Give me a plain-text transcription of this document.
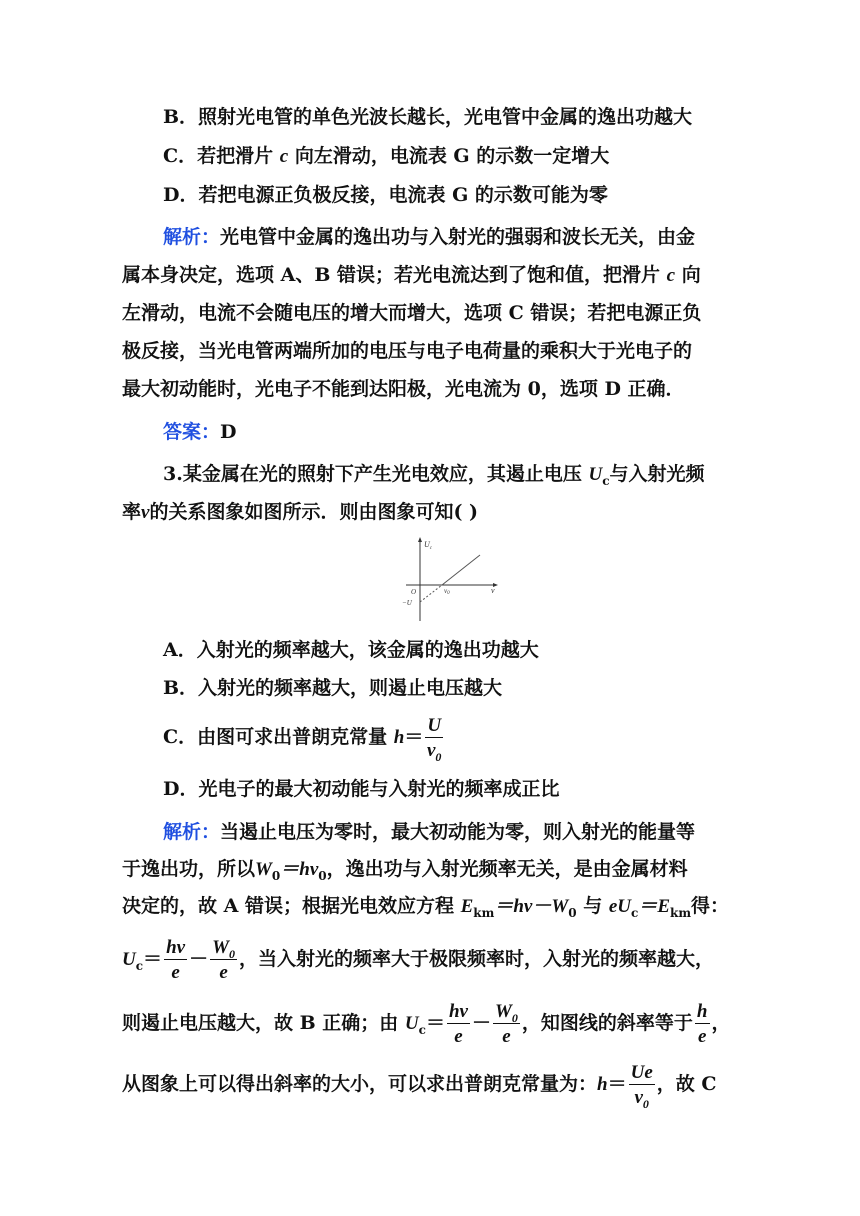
B．照射光电管的单色光波长越长，光电管中金属的逸出功越大
C．若把滑片 c 向左滑动，电流表 G 的示数一定增大
D．若把电源正负极反接，电流表 G 的示数可能为零
解析：光电管中金属的逸出功与入射光的强弱和波长无关，由金
属本身决定，选项 A、B 错误；若光电流达到了饱和值，把滑片 c 向
左滑动，电流不会随电压的增大而增大，选项 C 错误；若把电源正负
极反接，当光电管两端所加的电压与电子电荷量的乘积大于光电子的
最大初动能时，光电子不能到达阳极，光电流为 0，选项 D 正确．
答案：D
3.某金属在光的照射下产生光电效应，其遏止电压 $U_c$与入射光频
率ν的关系图象如图所示．则由图象可知( )
$U_c$
ν
O	ν0
−U
A．入射光的频率越大，该金属的逸出功越大
B．入射光的频率越大，则遏止电压越大
C．由图可求出普朗克常量 $h= \frac{U}{\nu_0}$
D．光电子的最大初动能与入射光的频率成正比
解析：当遏止电压为零时，最大初动能为零，则入射光的能量等
于逸出功，所以$W_0=h\nu_0$，逸出功与入射光频率无关，是由金属材料
决定的，故 A 错误；根据光电效应方程 $E_{km}=h\nu-W_0$ 与 $eU_c=E_{km}$得：
$U_c= \frac{h\nu}{e} - \frac{W_0}{e}$ ，当入射光的频率大于极限频率时，入射光的频率越大，
则遏止电压越大，故 B 正确；由 $U_c= \frac{h\nu}{e} - \frac{W_0}{e}$ ，知图线的斜率等于 $\frac{h}{e}$ ，
从图象上可以得出斜率的大小，可以求出普朗克常量为：$h= \frac{Ue}{\nu_0}$ ，故 C
